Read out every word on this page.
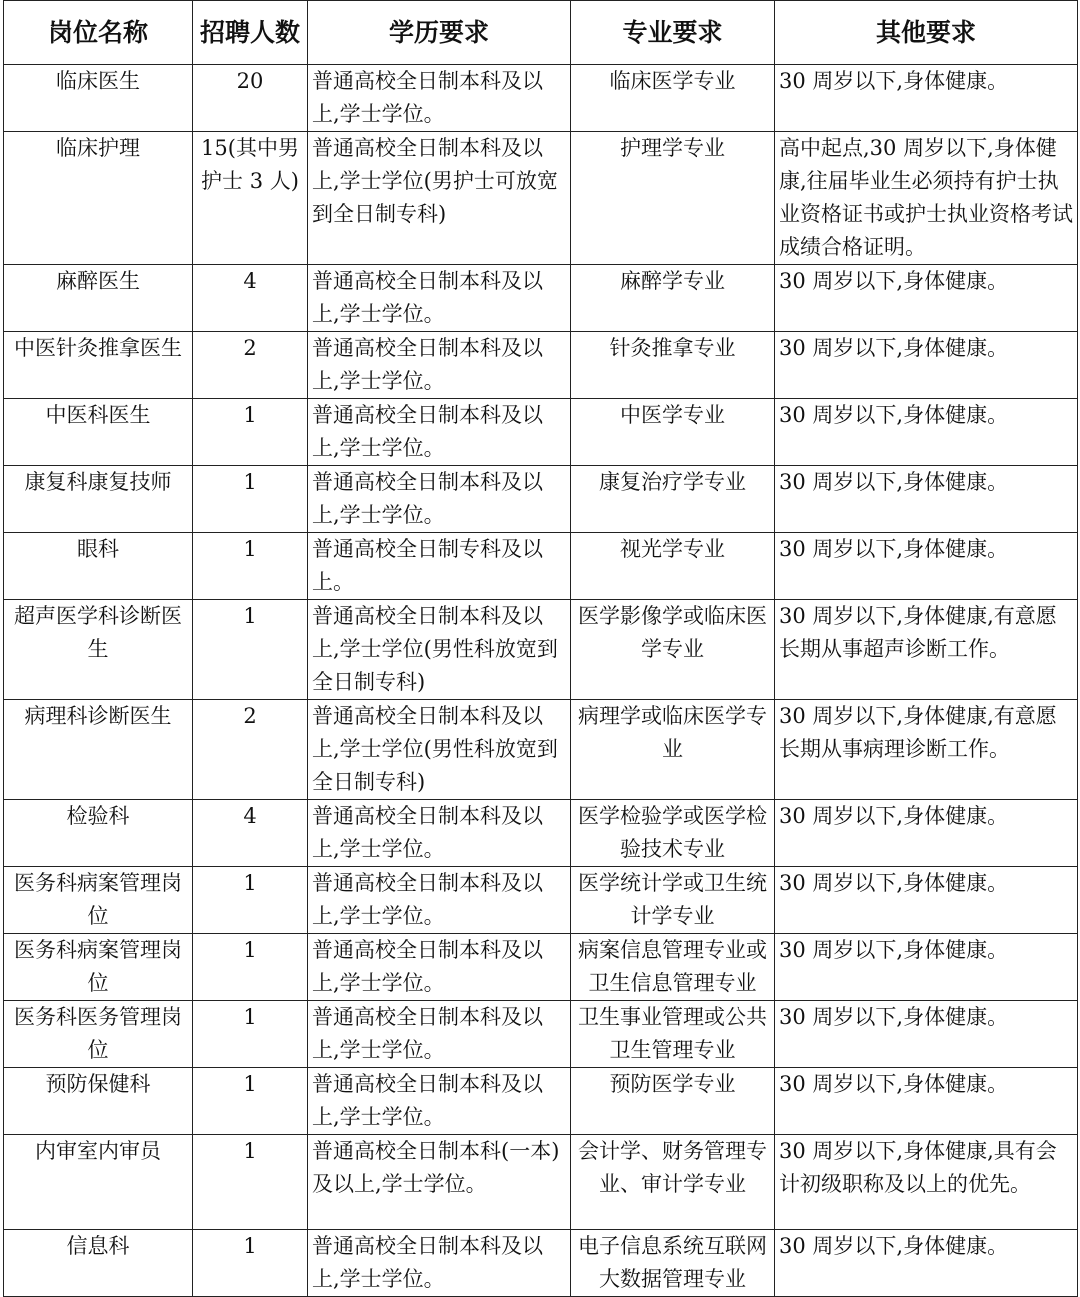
岗位名称	招聘人数	学历要求	专业要求	其他要求
临床医生	20	普通高校全日制本科及以上,学士学位。	临床医学专业	30 周岁以下,身体健康。
临床护理	15(其中男护士 3 人)	普通高校全日制本科及以上,学士学位(男护士可放宽到全日制专科)	护理学专业	高中起点,30 周岁以下,身体健康,往届毕业生必须持有护士执业资格证书或护士执业资格考试成绩合格证明。
麻醉医生	4	普通高校全日制本科及以上,学士学位。	麻醉学专业	30 周岁以下,身体健康。
中医针灸推拿医生	2	普通高校全日制本科及以上,学士学位。	针灸推拿专业	30 周岁以下,身体健康。
中医科医生	1	普通高校全日制本科及以上,学士学位。	中医学专业	30 周岁以下,身体健康。
康复科康复技师	1	普通高校全日制本科及以上,学士学位。	康复治疗学专业	30 周岁以下,身体健康。
眼科	1	普通高校全日制专科及以上。	视光学专业	30 周岁以下,身体健康。
超声医学科诊断医生	1	普通高校全日制本科及以上,学士学位(男性科放宽到全日制专科)	医学影像学或临床医学专业	30 周岁以下,身体健康,有意愿长期从事超声诊断工作。
病理科诊断医生	2	普通高校全日制本科及以上,学士学位(男性科放宽到全日制专科)	病理学或临床医学专业	30 周岁以下,身体健康,有意愿长期从事病理诊断工作。
检验科	4	普通高校全日制本科及以上,学士学位。	医学检验学或医学检验技术专业	30 周岁以下,身体健康。
医务科病案管理岗位	1	普通高校全日制本科及以上,学士学位。	医学统计学或卫生统计学专业	30 周岁以下,身体健康。
医务科病案管理岗位	1	普通高校全日制本科及以上,学士学位。	病案信息管理专业或卫生信息管理专业	30 周岁以下,身体健康。
医务科医务管理岗位	1	普通高校全日制本科及以上,学士学位。	卫生事业管理或公共卫生管理专业	30 周岁以下,身体健康。
预防保健科	1	普通高校全日制本科及以上,学士学位。	预防医学专业	30 周岁以下,身体健康。
内审室内审员	1	普通高校全日制本科(一本)及以上,学士学位。	会计学、财务管理专业、审计学专业	30 周岁以下,身体健康,具有会计初级职称及以上的优先。
信息科	1	普通高校全日制本科及以上,学士学位。	电子信息系统互联网大数据管理专业	30 周岁以下,身体健康。
